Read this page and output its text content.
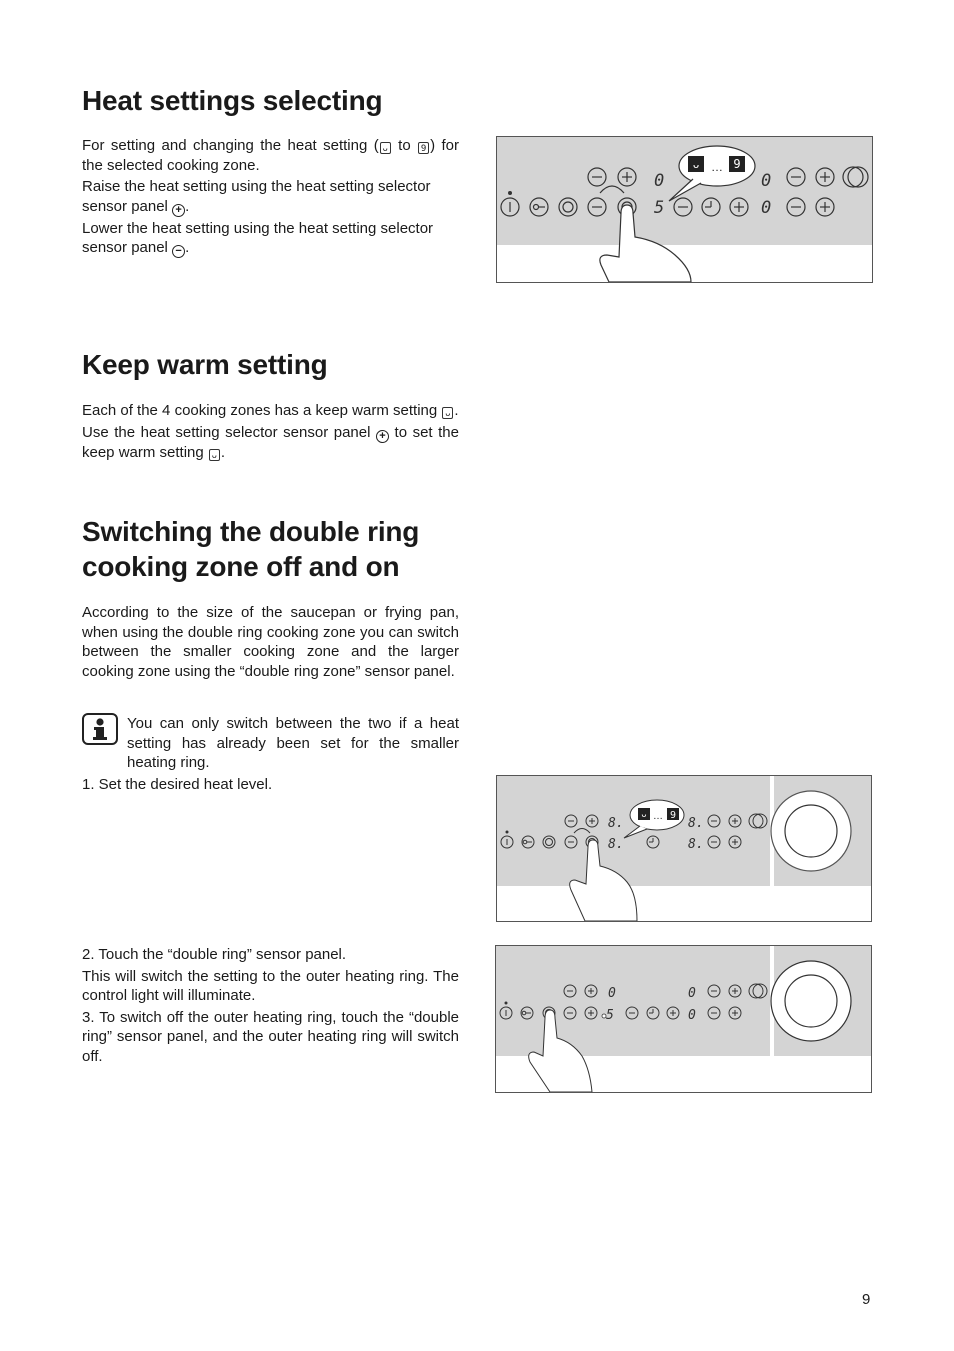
Heat settings selecting

For setting and changing the heat setting ( ᴗ to 9 ) for the selected cooking zone.

Raise the heat setting using the heat setting selector sensor panel + .

Lower the heat setting using the heat setting selector sensor panel − .

ᴗ	9
…
0
5
0
0
Keep warm setting

Each of the 4 cooking zones has a keep warm setting ᴗ .

Use the heat setting selector sensor panel + to set the keep warm setting ᴗ .

Switching the double ring
cooking zone off and on

According to the size of the saucepan or frying pan, when using the double ring cooking zone you can switch between the smaller cooking zone and the larger cooking zone using the “double ring zone” sensor panel.

You can only switch between the two if a heat setting has already been set for the smaller heating ring.

1. Set the desired heat level.

ᴗ 9
…
8.
8.
8.
8.

2. Touch the “double ring” sensor panel.

This will switch the setting to the outer heating ring. The control light will illuminate.

3. To switch off the outer heating ring, touch the “double ring” sensor panel, and the outer heating ring will switch off.

0
5
0
0
9
